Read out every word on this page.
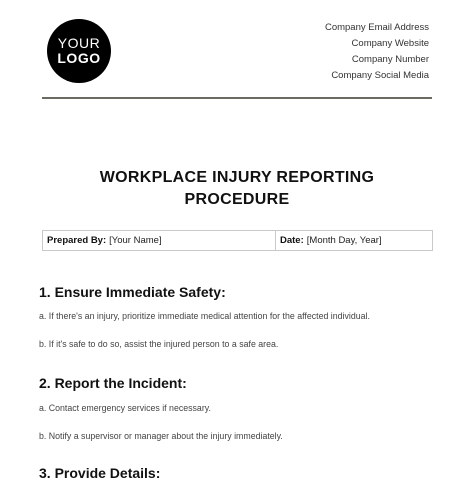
YOUR
LOGO
Company Email Address
Company Website
Company Number
Company Social Media
WORKPLACE INJURY REPORTING
PROCEDURE
Prepared By: [Your Name]	Date: [Month Day, Year]
1. Ensure Immediate Safety:
a. If there's an injury, prioritize immediate medical attention for the affected individual.
b. If it's safe to do so, assist the injured person to a safe area.
2. Report the Incident:
a. Contact emergency services if necessary.
b. Notify a supervisor or manager about the injury immediately.
3. Provide Details:
